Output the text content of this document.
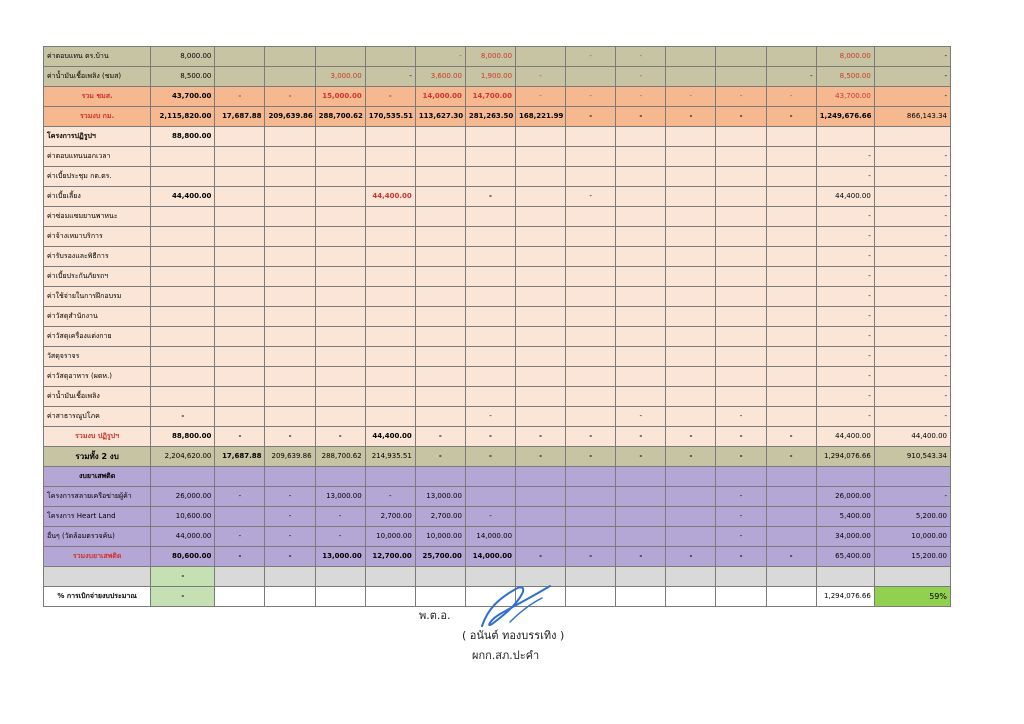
ค่าตอบแทน ตร.บ้าน	8,000.00					-	8,000.00		-	-				8,000.00	-
ค่าน้ำมันเชื้อเพลิง (ชมส)	8,500.00			3,000.00	-	3,600.00	1,900.00	-		-			-	8,500.00	-
รวม ชมส.	43,700.00	-	-	15,000.00	-	14,000.00	14,700.00	-	-	-	-	-	-	43,700.00	-
รวมงบ กม.	2,115,820.00	17,687.88	209,639.86	288,700.62	170,535.51	113,627.30	281,263.50	168,221.99	-	-	-	-	-	1,249,676.66	866,143.34
โครงการปฏิรูปฯ	88,800.00														
ค่าตอบแทนนอกเวลา														-	-
ค่าเบี้ยประชุม กต.ตร.														-	-
ค่าเบี้ยเลี้ยง	44,400.00				44,400.00		-		-					44,400.00	-
ค่าซ่อมแซมยานพาหนะ														-	-
ค่าจ้างเหมาบริการ														-	-
ค่ารับรองและพิธีการ														-	-
ค่าเบี้ยประกันภัยรถฯ														-	-
ค่าใช้จ่ายในการฝึกอบรม														-	-
ค่าวัสดุสำนักงาน														-	-
ค่าวัสดุเครื่องแต่งกาย														-	-
วัสดุจราจร														-	-
ค่าวัสดุอาหาร (ผตห.)														-	-
ค่าน้ำมันเชื้อเพลิง														-	-
ค่าสาธารณูปโภค	-						-			-		-		-	-
รวมงบ ปฏิรูปฯ	88,800.00	-	-	-	44,400.00	-	-	-	-	-	-	-	-	44,400.00	44,400.00
รวมทั้ง 2 งบ	2,204,620.00	17,687.88	209,639.86	288,700.62	214,935.51	-	-	-	-	-	-	-	-	1,294,076.66	910,543.34
งบยาเสพติด															
โครงการสลายเครือข่ายผู้ค้า	26,000.00	-	-	13,000.00	-	13,000.00						-		26,000.00	-
โครงการ Heart Land	10,600.00		-	-	2,700.00	2,700.00	-					-		5,400.00	5,200.00
อื่นๆ (วัดล้อมตรวจค้น)	44,000.00	-	-	-	10,000.00	10,000.00	14,000.00					-		34,000.00	10,000.00
รวมงบยาเสพติด	80,600.00	-	-	13,000.00	12,700.00	25,700.00	14,000.00	-	-	-	-	-	-	65,400.00	15,200.00
	-														
% การเบิกจ่ายงบประมาณ	-													1,294,076.66	59%
พ.ต.อ.
( อนันต์ ทองบรรเทิง )
ผกก.สภ.ปะคำ
